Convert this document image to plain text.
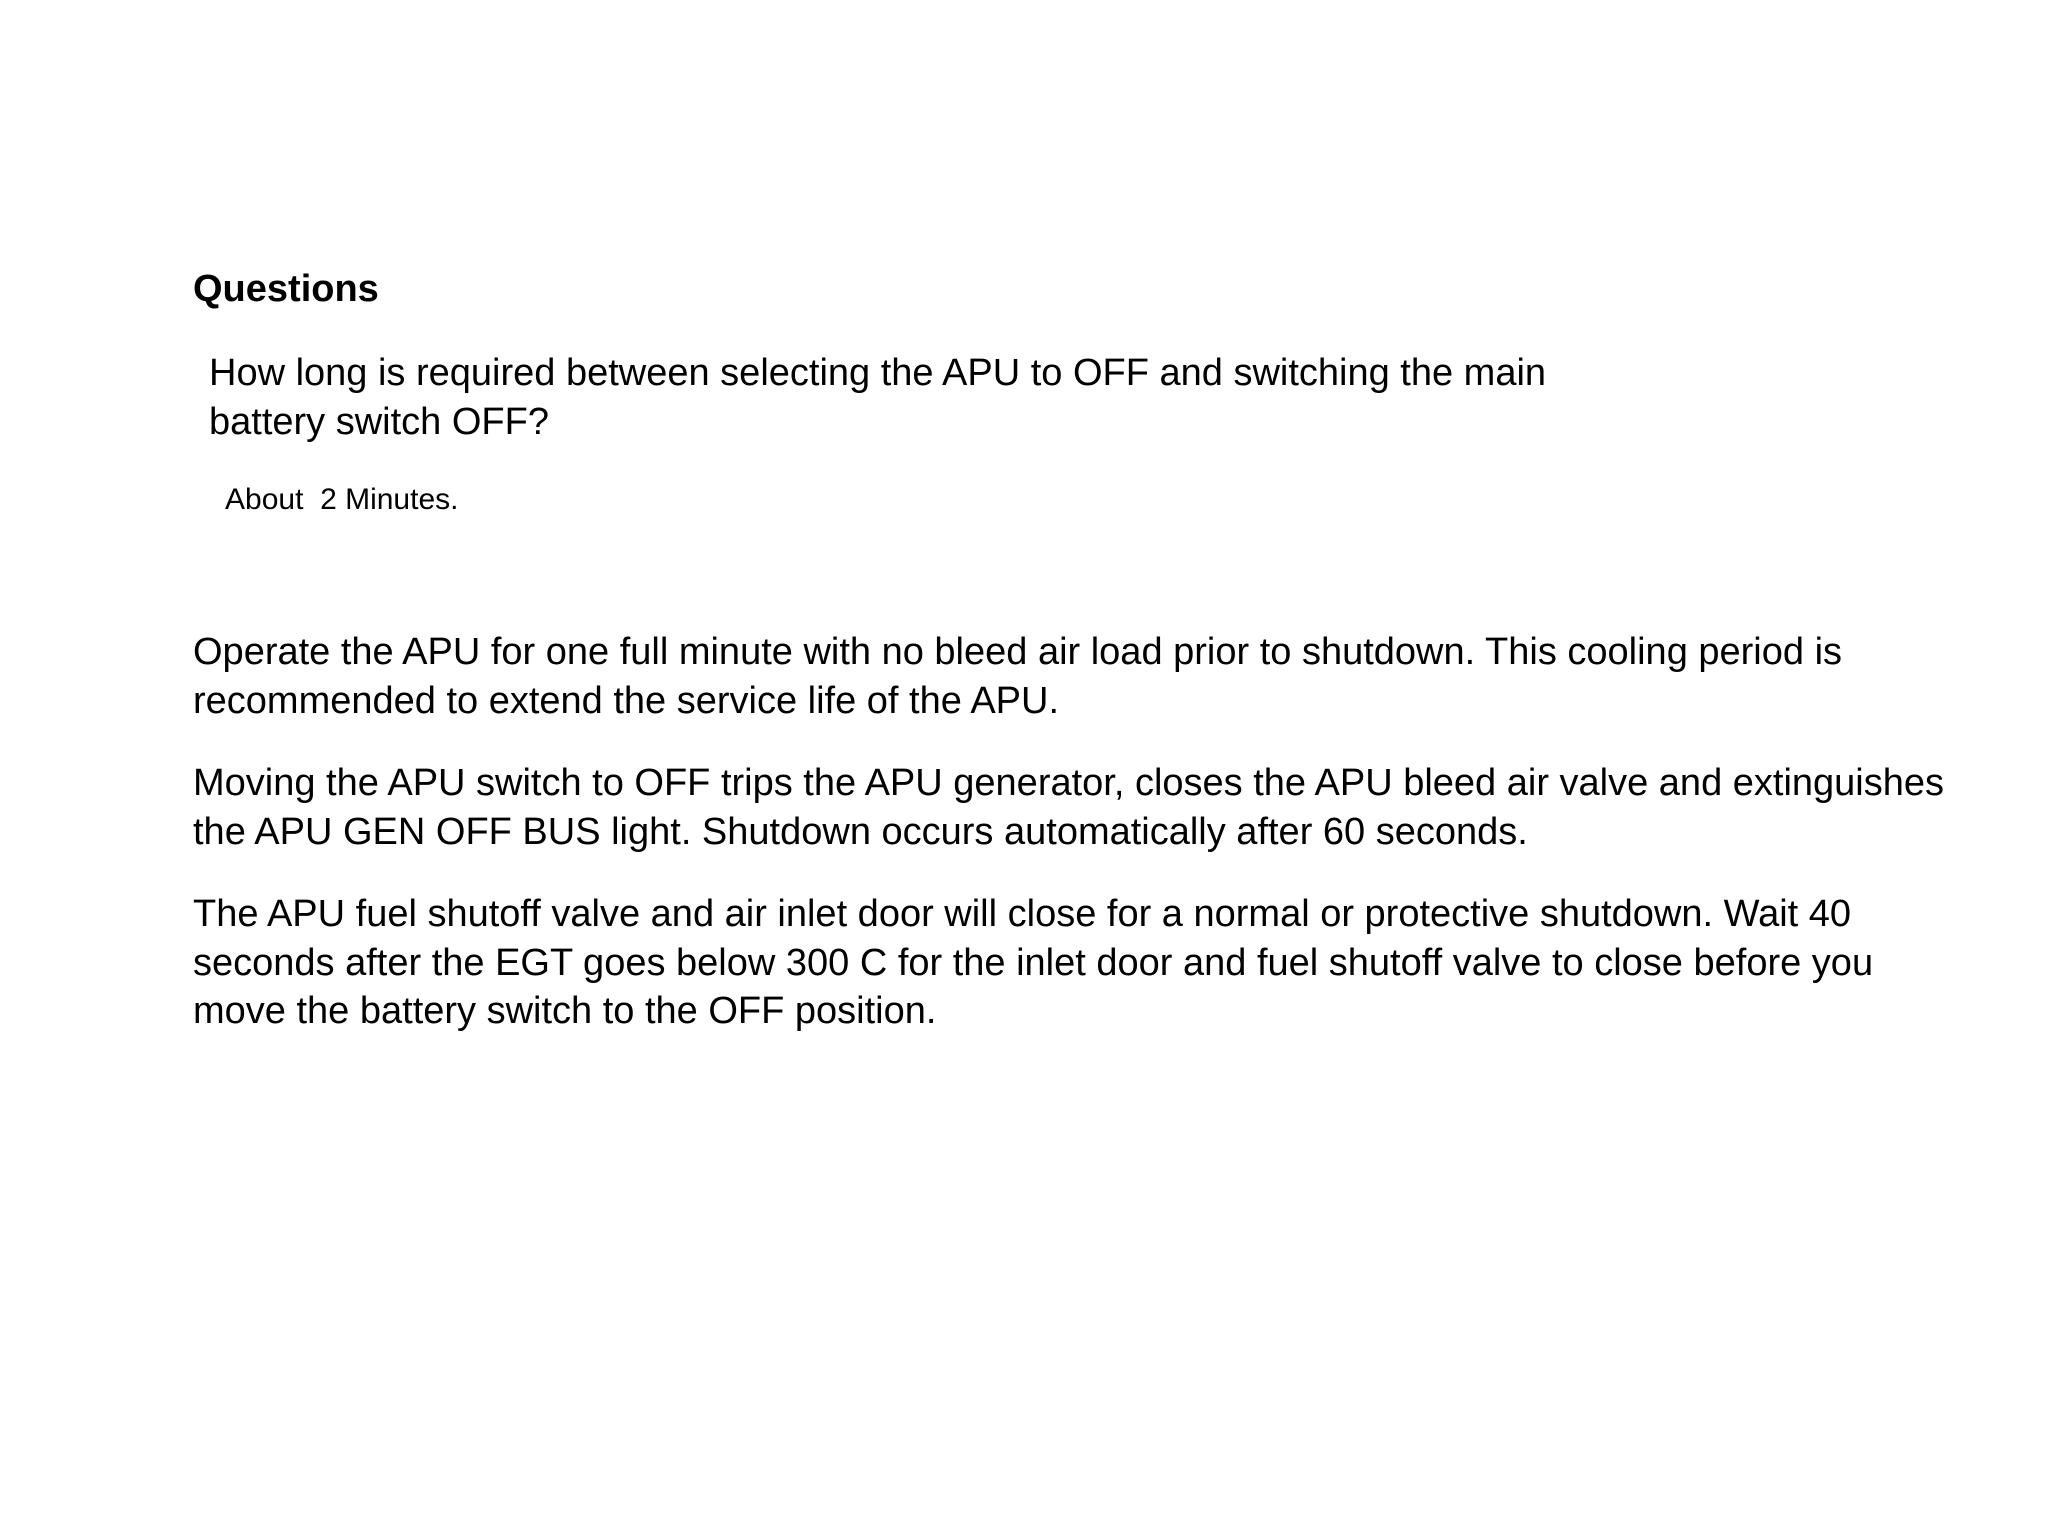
Questions

How long is required between selecting the APU to OFF and switching the main battery switch OFF?

About  2 Minutes.

Operate the APU for one full minute with no bleed air load prior to shutdown. This cooling period is recommended to extend the service life of the APU.

Moving the APU switch to OFF trips the APU generator, closes the APU bleed air valve and extinguishes the APU GEN OFF BUS light. Shutdown occurs automatically after 60 seconds.

The APU fuel shutoff valve and air inlet door will close for a normal or protective shutdown. Wait 40 seconds after the EGT goes below 300 C for the inlet door and fuel shutoff valve to close before you move the battery switch to the OFF position.
